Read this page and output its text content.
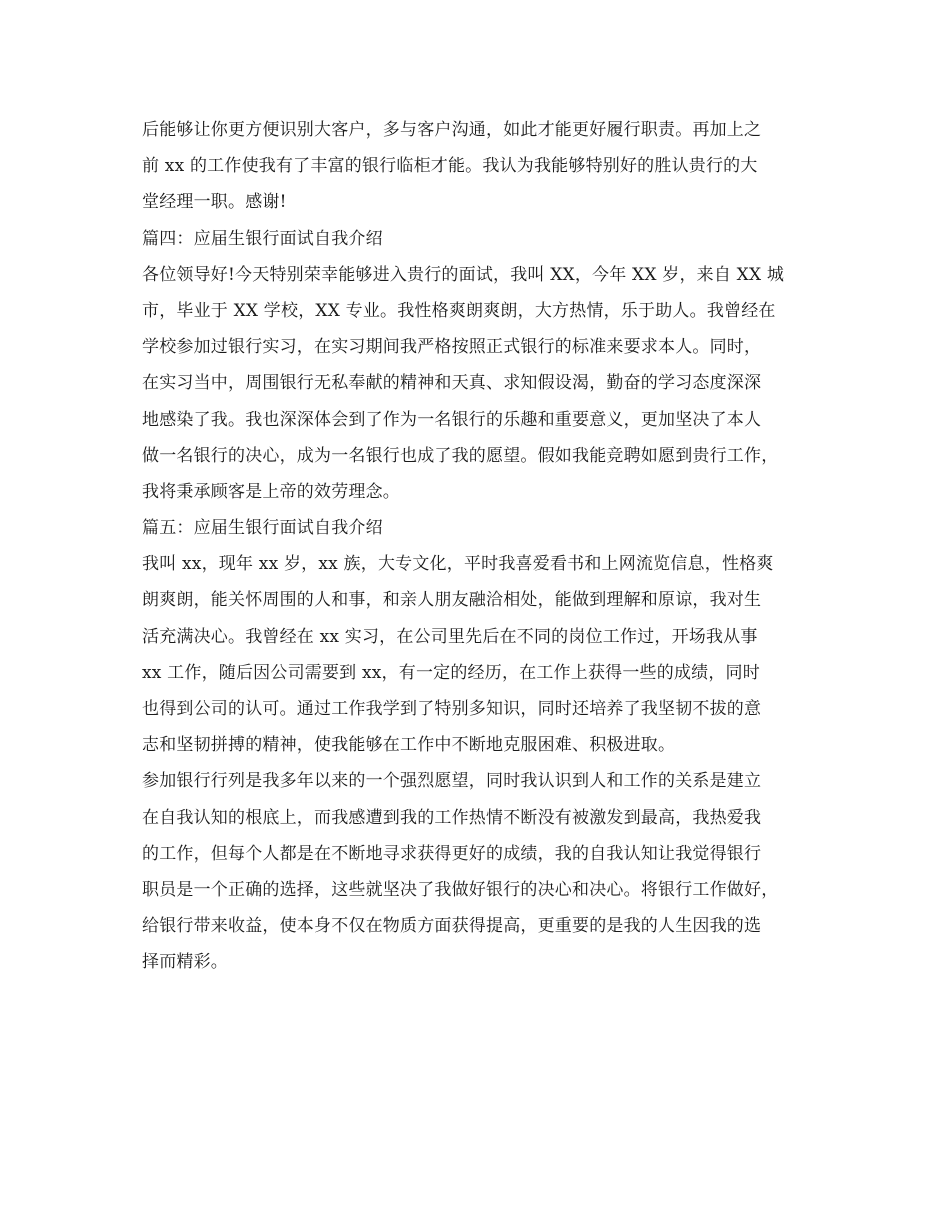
后能够让你更方便识别大客户，多与客户沟通，如此才能更好履行职责。再加上之
前 xx 的工作使我有了丰富的银行临柜才能。我认为我能够特别好的胜认贵行的大
堂经理一职。感谢!
篇四：应届生银行面试自我介绍
各位领导好!今天特别荣幸能够进入贵行的面试，我叫 XX，今年 XX 岁，来自 XX 城
市，毕业于 XX 学校，XX 专业。我性格爽朗爽朗，大方热情，乐于助人。我曾经在
学校参加过银行实习，在实习期间我严格按照正式银行的标准来要求本人。同时，
在实习当中，周围银行无私奉献的精神和天真、求知假设渴，勤奋的学习态度深深
地感染了我。我也深深体会到了作为一名银行的乐趣和重要意义，更加坚决了本人
做一名银行的决心，成为一名银行也成了我的愿望。假如我能竞聘如愿到贵行工作，
我将秉承顾客是上帝的效劳理念。
篇五：应届生银行面试自我介绍
我叫 xx，现年 xx 岁，xx 族，大专文化，平时我喜爱看书和上网流览信息，性格爽
朗爽朗，能关怀周围的人和事，和亲人朋友融洽相处，能做到理解和原谅，我对生
活充满决心。我曾经在 xx 实习，在公司里先后在不同的岗位工作过，开场我从事
xx 工作，随后因公司需要到 xx，有一定的经历，在工作上获得一些的成绩，同时
也得到公司的认可。通过工作我学到了特别多知识，同时还培养了我坚韧不拔的意
志和坚韧拼搏的精神，使我能够在工作中不断地克服困难、积极进取。
参加银行行列是我多年以来的一个强烈愿望，同时我认识到人和工作的关系是建立
在自我认知的根底上，而我感遭到我的工作热情不断没有被激发到最高，我热爱我
的工作，但每个人都是在不断地寻求获得更好的成绩，我的自我认知让我觉得银行
职员是一个正确的选择，这些就坚决了我做好银行的决心和决心。将银行工作做好，
给银行带来收益，使本身不仅在物质方面获得提高，更重要的是我的人生因我的选
择而精彩。
